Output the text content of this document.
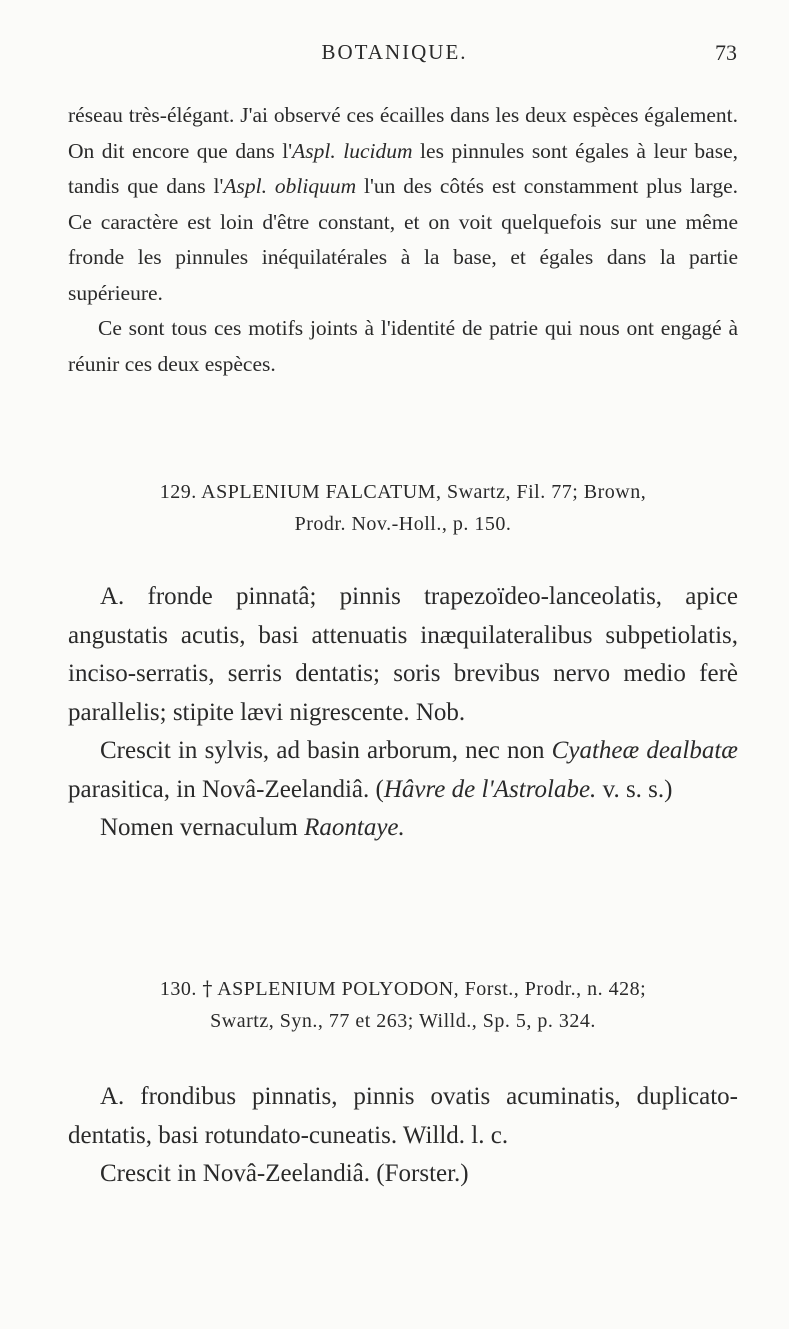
BOTANIQUE.	73

réseau très-élégant. J'ai observé ces écailles dans les deux espèces également. On dit encore que dans l'Aspl. lucidum les pinnules sont égales à leur base, tandis que dans l'Aspl. obliquum l'un des côtés est constamment plus large. Ce caractère est loin d'être constant, et on voit quelquefois sur une même fronde les pinnules inéquilatérales à la base, et égales dans la partie supérieure.

Ce sont tous ces motifs joints à l'identité de patrie qui nous ont engagé à réunir ces deux espèces.

129. ASPLENIUM FALCATUM, Swartz, Fil. 77; Brown,
Prodr. Nov.-Holl., p. 150.

A. fronde pinnatâ; pinnis trapezoïdeo-lanceolatis, apice angustatis acutis, basi attenuatis inæquilateralibus subpetiolatis, inciso-serratis, serris dentatis; soris brevibus nervo medio ferè parallelis; stipite lævi nigrescente. Nob.

Crescit in sylvis, ad basin arborum, nec non Cyatheæ dealbatæ parasitica, in Novâ-Zeelandiâ. (Hâvre de l'Astrolabe. v. s. s.)

Nomen vernaculum Raontaye.

130. † ASPLENIUM POLYODON, Forst., Prodr., n. 428;
Swartz, Syn., 77 et 263; Willd., Sp. 5, p. 324.

A. frondibus pinnatis, pinnis ovatis acuminatis, duplicato-dentatis, basi rotundato-cuneatis. Willd. l. c.

Crescit in Novâ-Zeelandiâ. (Forster.)
